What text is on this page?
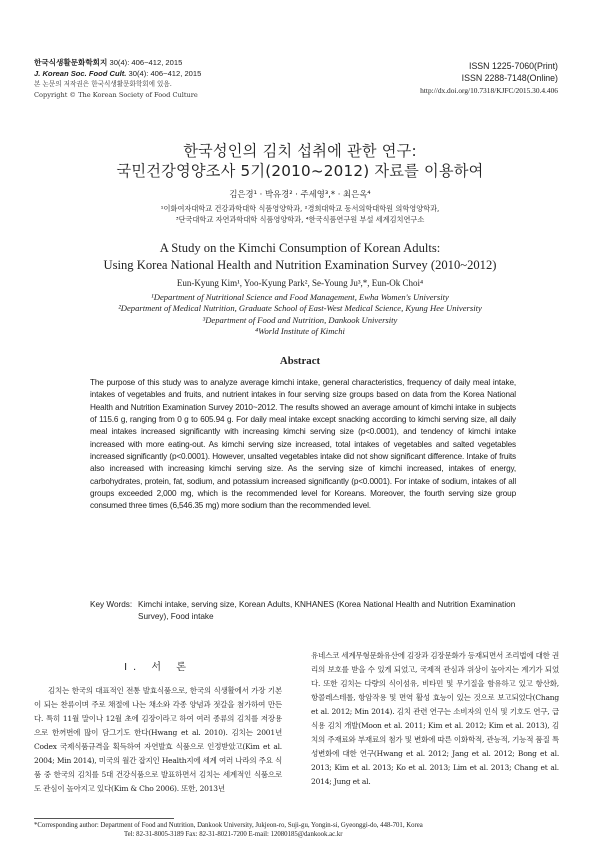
한국식생활문화학회지 30(4): 406~412, 2015
J. Korean Soc. Food Cult. 30(4): 406~412, 2015
본 논문의 저작권은 한국식생활문화학회에 있음.
Copyright © The Korean Society of Food Culture
ISSN 1225-7060(Print)
ISSN 2288-7148(Online)
http://dx.doi.org/10.7318/KJFC/2015.30.4.406
한국성인의 김치 섭취에 관한 연구:
국민건강영양조사 5기(2010~2012) 자료를 이용하여
김은경¹ · 박유경² · 주세영³,* · 최은옥⁴
¹이화여자대학교 건강과학대학 식품영양학과, ²경희대학교 동서의학대학원 의학영양학과,
³단국대학교 자연과학대학 식품영양학과, ⁴한국식품연구원 부설 세계김치연구소
A Study on the Kimchi Consumption of Korean Adults:
Using Korea National Health and Nutrition Examination Survey (2010~2012)
Eun-Kyung Kim¹, Yoo-Kyung Park², Se-Young Ju³,*, Eun-Ok Choi⁴
¹Department of Nutritional Science and Food Management, Ewha Women's University
²Department of Medical Nutrition, Graduate School of East-West Medical Science, Kyung Hee University
³Department of Food and Nutrition, Dankook University
⁴World Institute of Kimchi
Abstract
The purpose of this study was to analyze average kimchi intake, general characteristics, frequency of daily meal intake, intakes of vegetables and fruits, and nutrient intakes in four serving size groups based on data from the Korea National Health and Nutrition Examination Survey 2010~2012. The results showed an average amount of kimchi intake in subjects of 115.6 g, ranging from 0 g to 605.94 g. For daily meal intake except snacking according to kimchi serving size, all daily meal intakes increased significantly with increasing kimchi serving size (p<0.0001), and tendency of kimchi intake increased with more eating-out. As kimchi serving size increased, total intakes of vegetables and salted vegetables increased significantly (p<0.0001). However, unsalted vegetables intake did not show significant difference. Intake of fruits also increased with increasing kimchi serving size. As the serving size of kimchi increased, intakes of energy, carbohydrates, protein, fat, sodium, and potassium increased significantly (p<0.0001). For intake of sodium, intakes of all groups exceeded 2,000 mg, which is the recommended level for Koreans. Moreover, the fourth serving size group consumed three times (6,546.35 mg) more sodium than the recommended level.
Key Words: Kimchi intake, serving size, Korean Adults, KNHANES (Korea National Health and Nutrition Examination Survey), Food intake
Ⅰ. 서 론

김치는 한국의 대표적인 전통 발효식품으로, 한국의 식생활에서 가장 기본이 되는 찬류이며 주로 채절에 나는 채소와 각종 양념과 젓갈을 첨가하여 만든다. 특히 11월 말이나 12월 초에 김장이라고 하여 여러 종류의 김치를 저장용으로 한꺼번에 많이 담그기도 한다(Hwang et al. 2010). 김치는 2001년 Codex 국제식품규격을 획득하여 자연발효 식품으로 인정받았고(Kim et al. 2004; Min 2014), 미국의 월간 잡지인 Health지에 세계 여러 나라의 주요 식품 중 한국의 김치를 5대 건강식품으로 발표하면서 김치는 세계적인 식품으로도 관심이 높아지고 있다(Kim & Cho 2006). 또한, 2013년

유네스코 세계무형문화유산에 김장과 김장문화가 등재되면서 조리법에 대한 권리의 보호를 받을 수 있게 되었고, 국제적 관심과 위상이 높아지는 계기가 되었다. 또한 김치는 다량의 식이섬유, 비타민 및 무기질을 함유하고 있고 항산화, 항콜레스테롤, 항암작용 및 면역 활성 효능이 있는 것으로 보고되었다(Chang et al. 2012; Min 2014). 김치 관련 연구는 소비자의 인식 및 기호도 연구, 급식용 김치 개발(Moon et al. 2011; Kim et al. 2012; Kim et al. 2013), 김치의 주재료와 부재료의 첨가 및 변화에 따른 이화학적, 관능적, 기능적 품질 특성변화에 대한 연구(Hwang et al. 2012; Jang et al. 2012; Bong et al. 2013; Kim et al. 2013; Ko et al. 2013; Lim et al. 2013; Chang et al. 2014; Jung et al.

*Corresponding author: Department of Food and Nutrition, Dankook University, Jukjeon-ro, Suji-gu, Yongin-si, Gyeonggi-do, 448-701, Korea
Tel: 82-31-8005-3189 Fax: 82-31-8021-7200 E-mail: 12080185@dankook.ac.kr
